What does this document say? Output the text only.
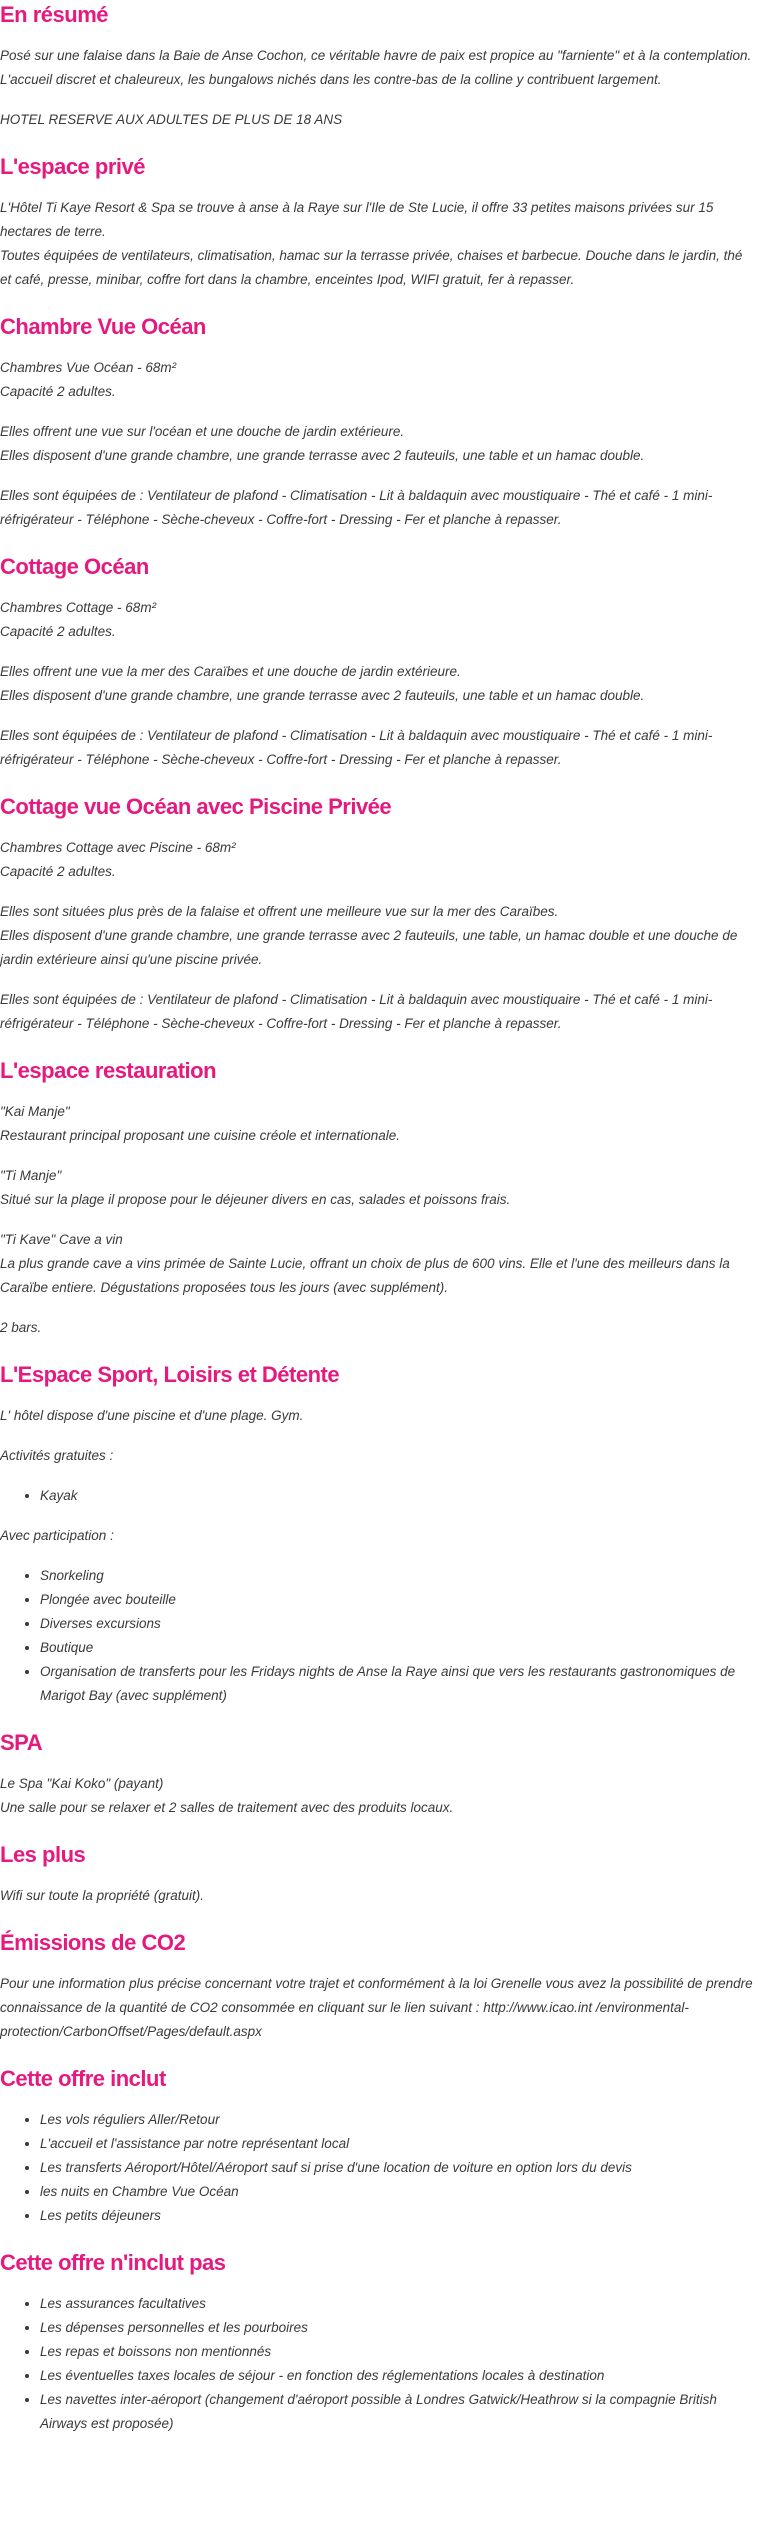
En résumé

Posé sur une falaise dans la Baie de Anse Cochon, ce véritable havre de paix est propice au "farniente" et à la contemplation. L'accueil discret et chaleureux, les bungalows nichés dans les contre-bas de la colline y contribuent largement.

HOTEL RESERVE AUX ADULTES DE PLUS DE 18 ANS

L'espace privé

L'Hôtel Ti Kaye Resort & Spa se trouve à anse à la Raye sur l'Ile de Ste Lucie, il offre 33 petites maisons privées sur 15 hectares de terre.
Toutes équipées de ventilateurs, climatisation, hamac sur la terrasse privée, chaises et barbecue. Douche dans le jardin, thé et café, presse, minibar, coffre fort dans la chambre, enceintes Ipod, WIFI gratuit, fer à repasser.

Chambre Vue Océan

Chambres Vue Océan - 68m²
Capacité 2 adultes.

Elles offrent une vue sur l'océan et une douche de jardin extérieure.
Elles disposent d'une grande chambre, une grande terrasse avec 2 fauteuils, une table et un hamac double.

Elles sont équipées de : Ventilateur de plafond - Climatisation - Lit à baldaquin avec moustiquaire - Thé et café - 1 mini-réfrigérateur - Téléphone - Sèche-cheveux - Coffre-fort - Dressing - Fer et planche à repasser.

Cottage Océan

Chambres Cottage - 68m²
Capacité 2 adultes.

Elles offrent une vue la mer des Caraïbes et une douche de jardin extérieure.
Elles disposent d'une grande chambre, une grande terrasse avec 2 fauteuils, une table et un hamac double.

Elles sont équipées de : Ventilateur de plafond - Climatisation - Lit à baldaquin avec moustiquaire - Thé et café - 1 mini-réfrigérateur - Téléphone - Sèche-cheveux - Coffre-fort - Dressing - Fer et planche à repasser.

Cottage vue Océan avec Piscine Privée

Chambres Cottage avec Piscine - 68m²
Capacité 2 adultes.

Elles sont situées plus près de la falaise et offrent une meilleure vue sur la mer des Caraïbes.
Elles disposent d'une grande chambre, une grande terrasse avec 2 fauteuils, une table, un hamac double et une douche de jardin extérieure ainsi qu'une piscine privée.

Elles sont équipées de : Ventilateur de plafond - Climatisation - Lit à baldaquin avec moustiquaire - Thé et café - 1 mini-réfrigérateur - Téléphone - Sèche-cheveux - Coffre-fort - Dressing - Fer et planche à repasser.

L'espace restauration

"Kai Manje"
Restaurant principal proposant une cuisine créole et internationale.

"Ti Manje"
Situé sur la plage il propose pour le déjeuner divers en cas, salades et poissons frais.

"Ti Kave" Cave a vin
La plus grande cave a vins primée de Sainte Lucie, offrant un choix de plus de 600 vins. Elle et l'une des meilleurs dans la Caraïbe entiere. Dégustations proposées tous les jours (avec supplément).

2 bars.

L'Espace Sport, Loisirs et Détente

L' hôtel dispose d'une piscine et d'une plage. Gym.

Activités gratuites :

• Kayak

Avec participation :

• Snorkeling
• Plongée avec bouteille
• Diverses excursions
• Boutique
• Organisation de transferts pour les Fridays nights de Anse la Raye ainsi que vers les restaurants gastronomiques de Marigot Bay (avec supplément)
SPA

Le Spa "Kai Koko" (payant)
Une salle pour se relaxer et 2 salles de traitement avec des produits locaux.

Les plus

Wifi sur toute la propriété (gratuit).

Émissions de CO2

Pour une information plus précise concernant votre trajet et conformément à la loi Grenelle vous avez la possibilité de prendre connaissance de la quantité de CO2 consommée en cliquant sur le lien suivant : http://www.icao.int /environmental-protection/CarbonOffset/Pages/default.aspx

Cette offre inclut
• Les vols réguliers Aller/Retour
• L'accueil et l'assistance par notre représentant local
• Les transferts Aéroport/Hôtel/Aéroport sauf si prise d'une location de voiture en option lors du devis
• les nuits en Chambre Vue Océan
• Les petits déjeuners
Cette offre n'inclut pas
• Les assurances facultatives
• Les dépenses personnelles et les pourboires
• Les repas et boissons non mentionnés
• Les éventuelles taxes locales de séjour - en fonction des réglementations locales à destination
• Les navettes inter-aéroport (changement d'aéroport possible à Londres Gatwick/Heathrow si la compagnie British Airways est proposée)
